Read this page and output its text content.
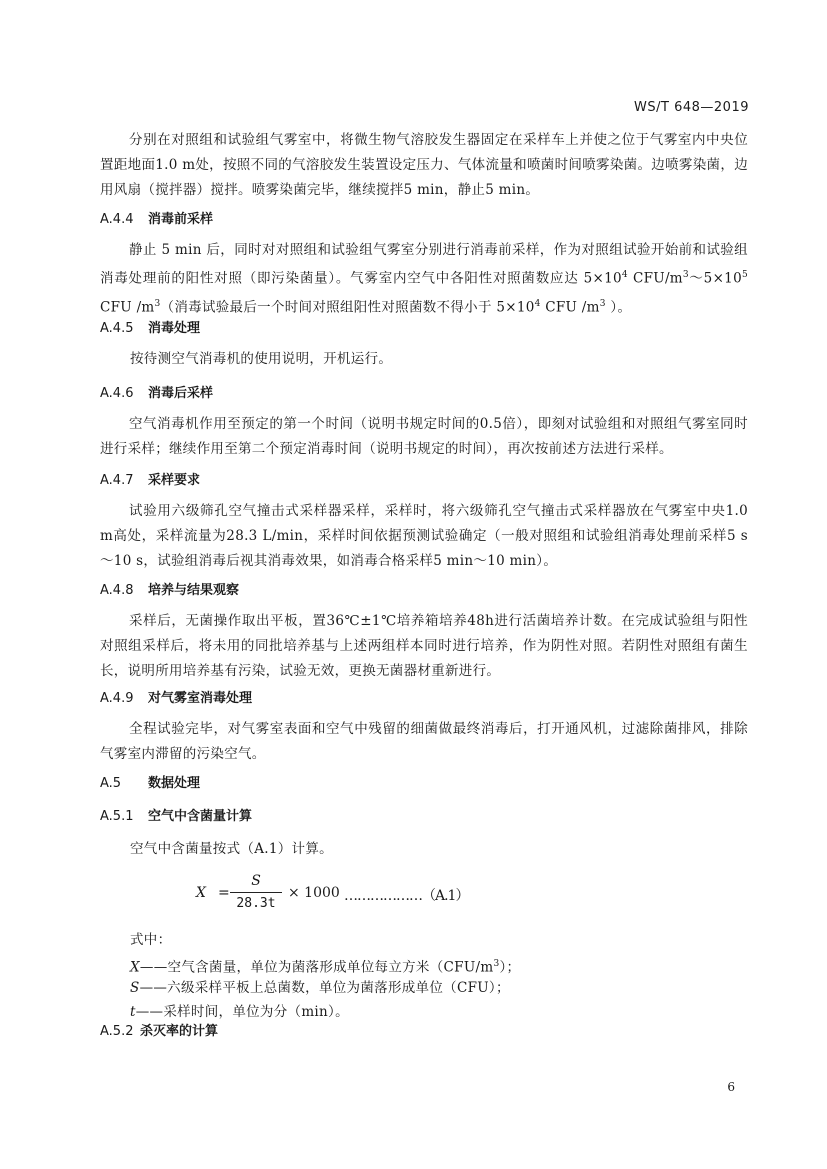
WS/T 648—2019
分别在对照组和试验组气雾室中，将微生物气溶胶发生器固定在采样车上并使之位于气雾室内中央位置距地面1.0 m处，按照不同的气溶胶发生装置设定压力、气体流量和喷菌时间喷雾染菌。边喷雾染菌，边用风扇（搅拌器）搅拌。喷雾染菌完毕，继续搅拌5 min，静止5 min。
A.4.4 消毒前采样
静止 5 min 后，同时对对照组和试验组气雾室分别进行消毒前采样，作为对照组试验开始前和试验组消毒处理前的阳性对照（即污染菌量）。气雾室内空气中各阳性对照菌数应达 $5\times 10^4$ CFU/$m^3\sim 5\times 10^5$ CFU $/m^3$（消毒试验最后一个时间对照组阳性对照菌数不得小于 $5\times 10^4$ CFU $/m^3$ ）。
A.4.5 消毒处理
按待测空气消毒机的使用说明，开机运行。
A.4.6 消毒后采样
空气消毒机作用至预定的第一个时间（说明书规定时间的0.5倍），即刻对试验组和对照组气雾室同时进行采样；继续作用至第二个预定消毒时间（说明书规定的时间），再次按前述方法进行采样。
A.4.7 采样要求
试验用六级筛孔空气撞击式采样器采样，采样时，将六级筛孔空气撞击式采样器放在气雾室中央1.0 m高处，采样流量为28.3 L/min，采样时间依据预测试验确定（一般对照组和试验组消毒处理前采样5 s～10 s，试验组消毒后视其消毒效果，如消毒合格采样5 min～10 min）。
A.4.8 培养与结果观察
采样后，无菌操作取出平板，置36℃±1℃培养箱培养48h进行活菌培养计数。在完成试验组与阳性对照组采样后，将未用的同批培养基与上述两组样本同时进行培养，作为阴性对照。若阴性对照组有菌生长，说明所用培养基有污染，试验无效，更换无菌器材重新进行。
A.4.9 对气雾室消毒处理
全程试验完毕，对气雾室表面和空气中残留的细菌做最终消毒后，打开通风机，过滤除菌排风，排除气雾室内滞留的污染空气。
A.5 数据处理
A.5.1 空气中含菌量计算
空气中含菌量按式（A.1）计算。
X =
S
28.3t
× 1000 ………………（A.1）
式中：
X——空气含菌量，单位为菌落形成单位每立方米$(CFU/m^3)$；
S——六级采样平板上总菌数，单位为菌落形成单位（CFU）；
t——采样时间，单位为分（min）。
A.5.2 杀灭率的计算
6
